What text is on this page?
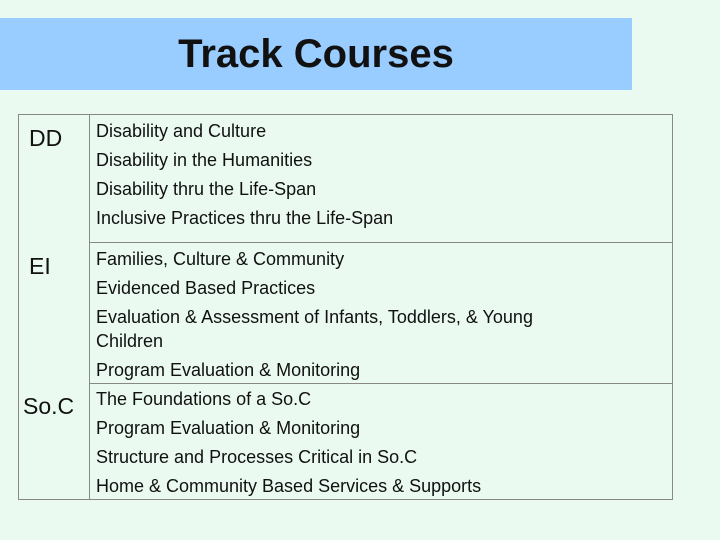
Track Courses
DD Disability and Culture
Disability in the Humanities
Disability thru the Life-Span
Inclusive Practices thru the Life-Span
EI	Families, Culture & Community
Evidenced Based Practices
Evaluation & Assessment of Infants, Toddlers, & Young Children
Program Evaluation & Monitoring
So.C The Foundations of a So.C
Program Evaluation & Monitoring
Structure and Processes Critical in So.C
Home & Community Based Services & Supports
